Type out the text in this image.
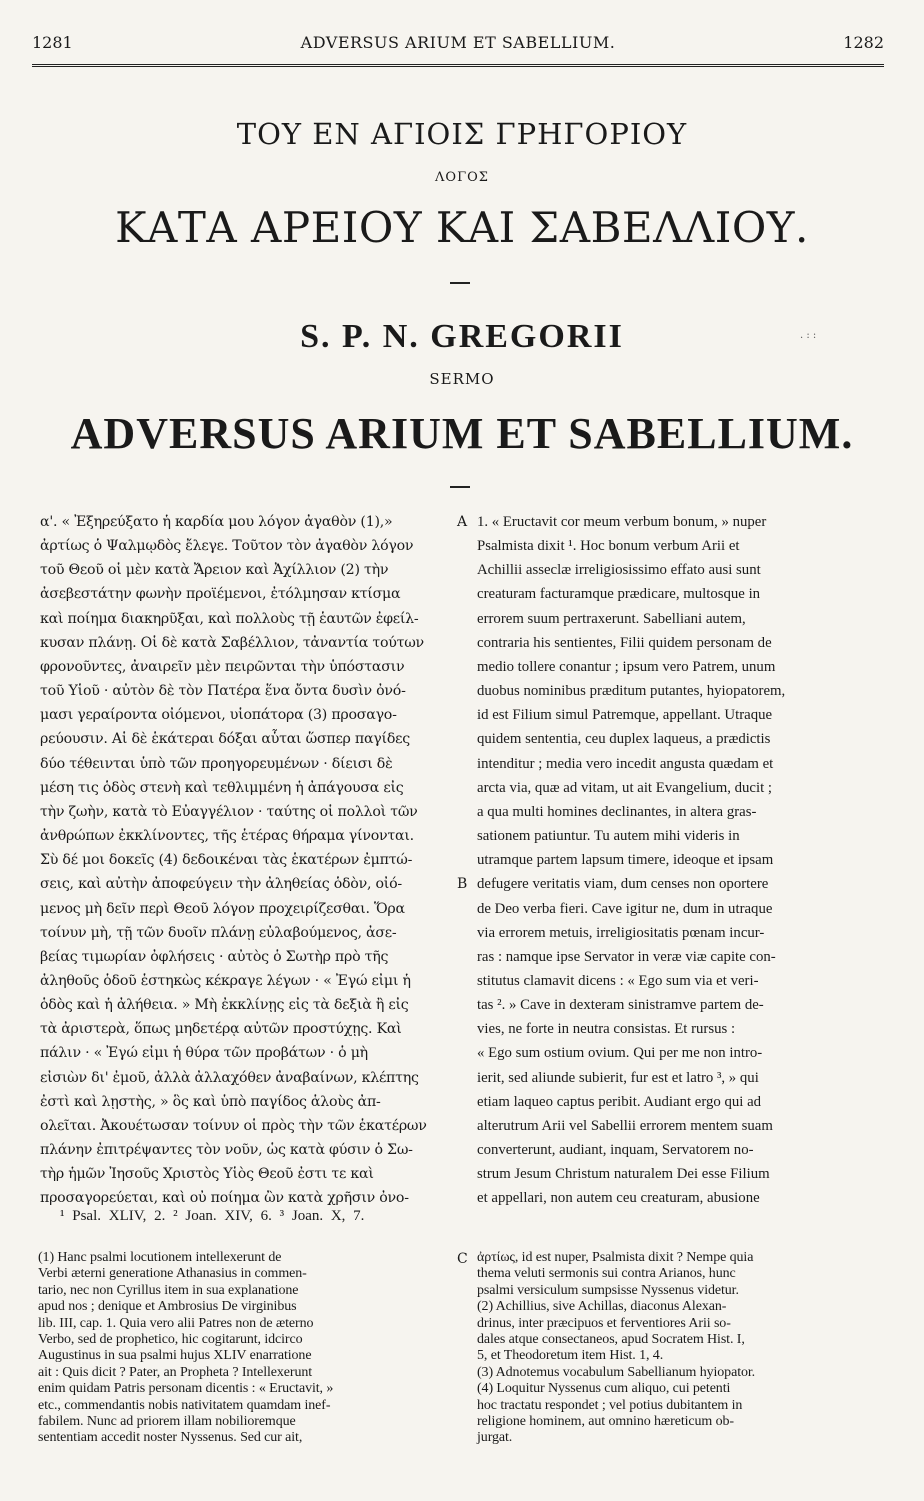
1281	ADVERSUS ARIUM ET SABELLIUM.	1282
ΤΟΥ ΕΝ ΑΓΙΟΙΣ ΓΡΗΓΟΡΙΟΥ
ΛΟΓΟΣ
ΚΑΤΑ ΑΡΕΙΟΥ ΚΑΙ ΣΑΒΕΛΛΙΟΥ.
S. P. N. GREGORII
SERMO
ADVERSUS ARIUM ET SABELLIUM.
. : :
α'. « Ἐξηρεύξατο ἡ καρδία μου λόγον ἀγαθὸν (1),»
ἀρτίως ὁ Ψαλμῳδὸς ἔλεγε. Τοῦτον τὸν ἀγαθὸν λόγον
τοῦ Θεοῦ οἱ μὲν κατὰ Ἄρειον καὶ Ἀχίλλιον (2) τὴν
ἀσεβεστάτην φωνὴν προϊέμενοι, ἐτόλμησαν κτίσμα
καὶ ποίημα διακηρῦξαι, καὶ πολλοὺς τῇ ἑαυτῶν ἐφείλ-
κυσαν πλάνῃ. Οἱ δὲ κατὰ Σαβέλλιον, τἀναντία τούτων
φρονοῦντες, ἀναιρεῖν μὲν πειρῶνται τὴν ὑπόστασιν
τοῦ Υἱοῦ · αὐτὸν δὲ τὸν Πατέρα ἕνα ὄντα δυσὶν ὀνό-
μασι γεραίροντα οἰόμενοι, υἱοπάτορα (3) προσαγο-
ρεύουσιν. Αἱ δὲ ἑκάτεραι δόξαι αὗται ὥσπερ παγίδες
δύο τέθεινται ὑπὸ τῶν προηγορευμένων · δίεισι δὲ
μέση τις ὁδὸς στενὴ καὶ τεθλιμμένη ἡ ἀπάγουσα εἰς
τὴν ζωὴν, κατὰ τὸ Εὐαγγέλιον · ταύτης οἱ πολλοὶ τῶν
ἀνθρώπων ἐκκλίνοντες, τῆς ἑτέρας θήραμα γίνονται.
Σὺ δέ μοι δοκεῖς (4) δεδοικέναι τὰς ἑκατέρων ἐμπτώ-
σεις, καὶ αὐτὴν ἀποφεύγειν τὴν ἀληθείας ὁδὸν, οἰό-
μενος μὴ δεῖν περὶ Θεοῦ λόγον προχειρίζεσθαι. Ὅρα
τοίνυν μὴ, τῇ τῶν δυοῖν πλάνῃ εὐλαβούμενος, ἀσε-
βείας τιμωρίαν ὀφλήσεις · αὐτὸς ὁ Σωτὴρ πρὸ τῆς
ἀληθοῦς ὁδοῦ ἑστηκὼς κέκραγε λέγων · « Ἐγώ εἰμι ἡ
ὁδὸς καὶ ἡ ἀλήθεια. » Μὴ ἐκκλίνῃς εἰς τὰ δεξιὰ ἢ εἰς
τὰ ἀριστερὰ, ὅπως μηδετέρᾳ αὐτῶν προστύχῃς. Καὶ
πάλιν · « Ἐγώ εἰμι ἡ θύρα τῶν προβάτων · ὁ μὴ
εἰσιὼν δι' ἐμοῦ, ἀλλὰ ἀλλαχόθεν ἀναβαίνων, κλέπτης
ἐστὶ καὶ λῃστὴς, » ὃς καὶ ὑπὸ παγίδος ἁλοὺς ἀπ-
ολεῖται. Ἀκουέτωσαν τοίνυν οἱ πρὸς τὴν τῶν ἑκατέρων
πλάνην ἐπιτρέψαντες τὸν νοῦν, ὡς κατὰ φύσιν ὁ Σω-
τὴρ ἡμῶν Ἰησοῦς Χριστὸς Υἱὸς Θεοῦ ἐστι τε καὶ
προσαγορεύεται, καὶ οὐ ποίημα ὢν κατὰ χρῆσιν ὀνο-
1. « Eructavit cor meum verbum bonum, » nuper
Psalmista dixit ¹. Hoc bonum verbum Arii et
Achillii asseclæ irreligiosissimo effato ausi sunt
creaturam facturamque prædicare, multosque in
errorem suum pertraxerunt. Sabelliani autem,
contraria his sentientes, Filii quidem personam de
medio tollere conantur ; ipsum vero Patrem, unum
duobus nominibus præditum putantes, hyiopatorem,
id est Filium simul Patremque, appellant. Utraque
quidem sententia, ceu duplex laqueus, a prædictis
intenditur ; media vero incedit angusta quædam et
arcta via, quæ ad vitam, ut ait Evangelium, ducit ;
a qua multi homines declinantes, in altera gras-
sationem patiuntur. Tu autem mihi videris in
utramque partem lapsum timere, ideoque et ipsam
defugere veritatis viam, dum censes non oportere
de Deo verba fieri. Cave igitur ne, dum in utraque
via errorem metuis, irreligiositatis pœnam incur-
ras : namque ipse Servator in veræ viæ capite con-
stitutus clamavit dicens : « Ego sum via et veri-
tas ². » Cave in dexteram sinistramve partem de-
vies, ne forte in neutra consistas. Et rursus :
« Ego sum ostium ovium. Qui per me non intro-
ierit, sed aliunde subierit, fur est et latro ³, » qui
etiam laqueo captus peribit. Audiant ergo qui ad
alterutrum Arii vel Sabellii errorem mentem suam
converterunt, audiant, inquam, Servatorem no-
strum Jesum Christum naturalem Dei esse Filium
et appellari, non autem ceu creaturam, abusione
A
B
C
¹ Psal. XLIV, 2. ² Joan. XIV, 6. ³ Joan. X, 7.
(1) Hanc psalmi locutionem intellexerunt de
Verbi æterni generatione Athanasius in commen-
tario, nec non Cyrillus item in sua explanatione
apud nos ; denique et Ambrosius De virginibus
lib. III, cap. 1. Quia vero alii Patres non de æterno
Verbo, sed de prophetico, hic cogitarunt, idcirco
Augustinus in sua psalmi hujus XLIV enarratione
ait : Quis dicit ? Pater, an Propheta ? Intellexerunt
enim quidam Patris personam dicentis : « Eructavit, »
etc., commendantis nobis nativitatem quamdam inef-
fabilem. Nunc ad priorem illam nobilioremque
sententiam accedit noster Nyssenus. Sed cur ait,
ἀρτίως, id est nuper, Psalmista dixit ? Nempe quia
thema veluti sermonis sui contra Arianos, hunc
psalmi versiculum sumpsisse Nyssenus videtur.
(2) Achillius, sive Achillas, diaconus Alexan-
drinus, inter præcipuos et ferventiores Arii so-
dales atque consectaneos, apud Socratem Hist. I,
5, et Theodoretum item Hist. 1, 4.
(3) Adnotemus vocabulum Sabellianum hyiopator.
(4) Loquitur Nyssenus cum aliquo, cui petenti
hoc tractatu respondet ; vel potius dubitantem in
religione hominem, aut omnino hæreticum ob-
jurgat.
